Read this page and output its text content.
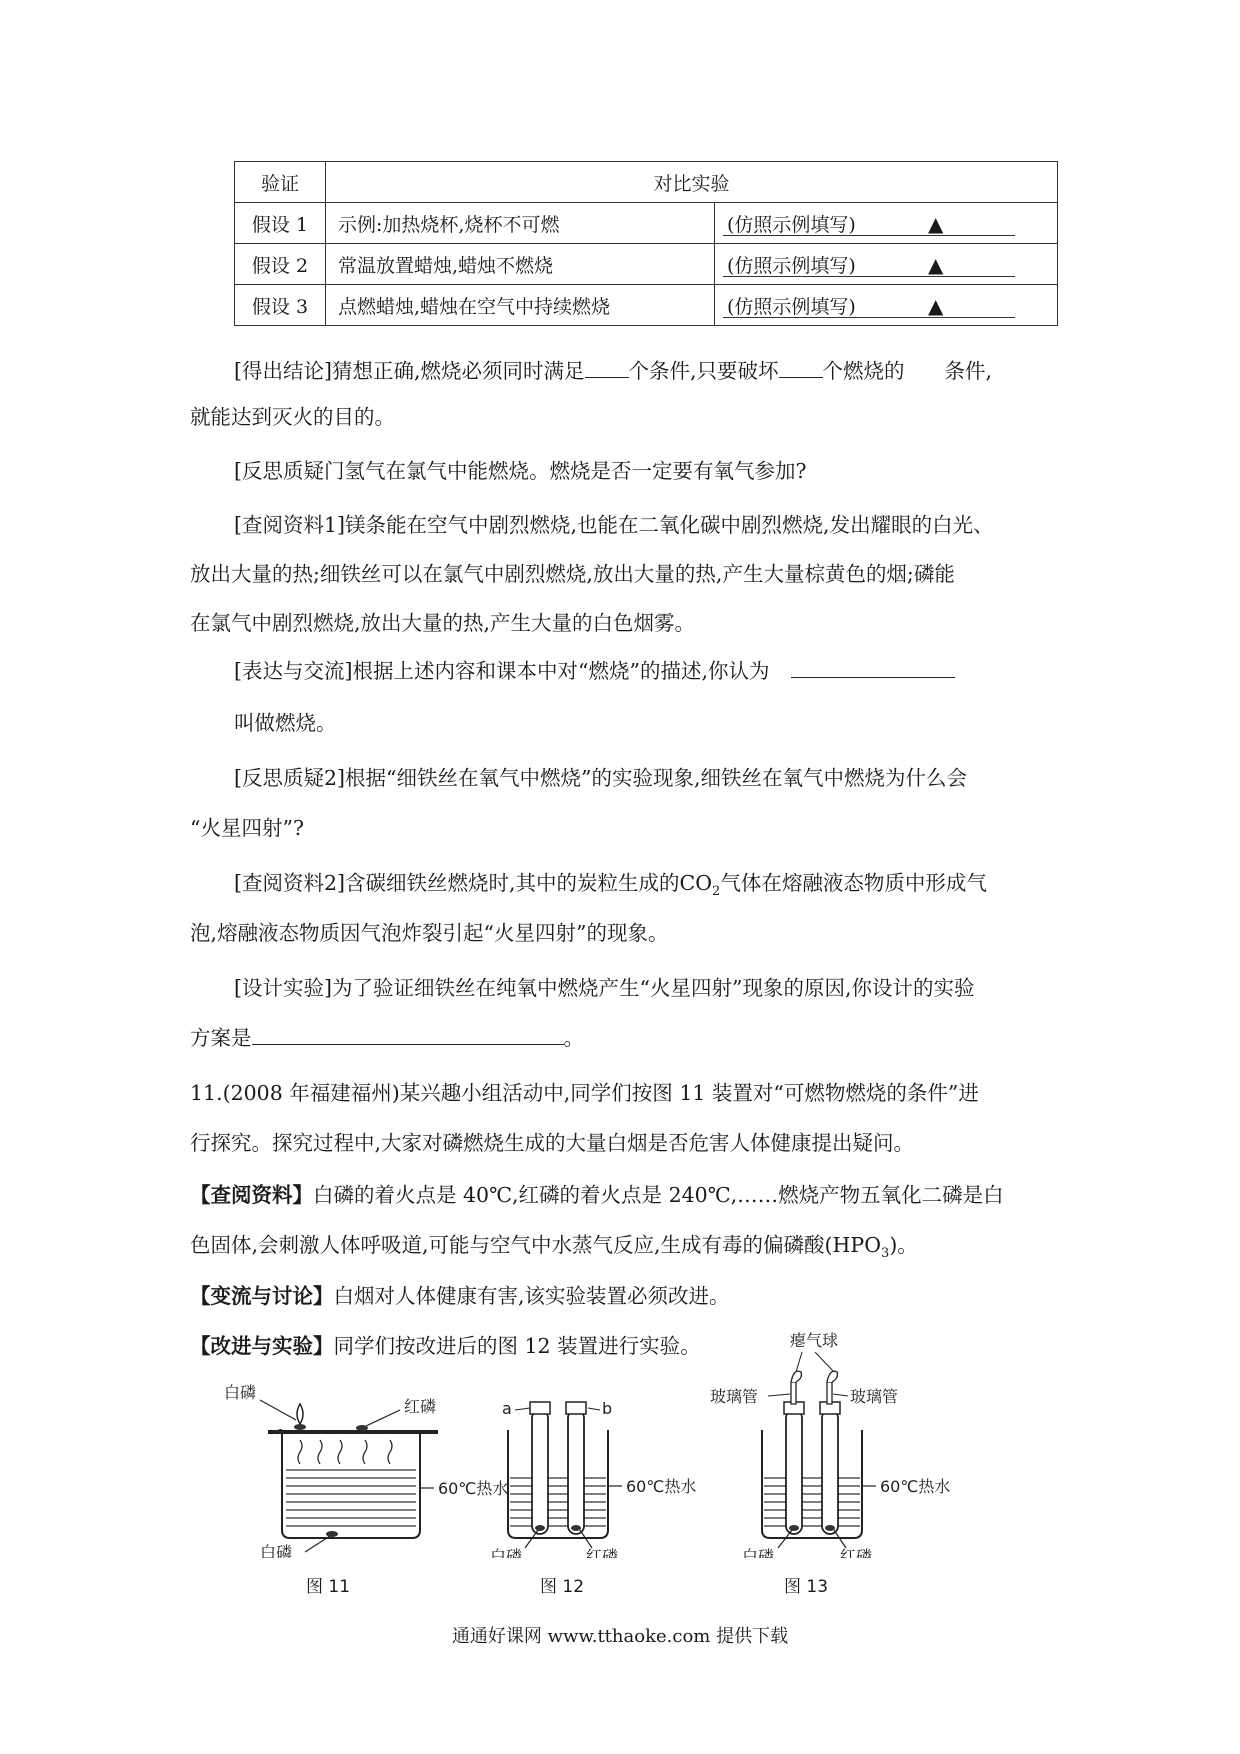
验证	对比实验	
假设 1	示例:加热烧杯,烧杯不可燃	(仿照示例填写) ▲

假设 2	常温放置蜡烛,蜡烛不燃烧	(仿照示例填写) ▲

假设 3	点燃蜡烛,蜡烛在空气中持续燃烧	(仿照示例填写) ▲
[得出结论]猜想正确,燃烧必须同时满足 个条件,只要破坏 个燃烧的 条件,
就能达到灭火的目的。
[反思质疑门氢气在氯气中能燃烧。燃烧是否一定要有氧气参加?
[查阅资料1]镁条能在空气中剧烈燃烧,也能在二氧化碳中剧烈燃烧,发出耀眼的白光、
放出大量的热;细铁丝可以在氯气中剧烈燃烧,放出大量的热,产生大量棕黄色的烟;磷能
在氯气中剧烈燃烧,放出大量的热,产生大量的白色烟雾。
[表达与交流]根据上述内容和课本中对“燃烧”的描述,你认为
叫做燃烧。
[反思质疑2]根据“细铁丝在氧气中燃烧”的实验现象,细铁丝在氧气中燃烧为什么会
“火星四射”?
[查阅资料2]含碳细铁丝燃烧时,其中的炭粒生成的$CO_2$气体在熔融液态物质中形成气
泡,熔融液态物质因气泡炸裂引起“火星四射”的现象。
[设计实验]为了验证细铁丝在纯氧中燃烧产生“火星四射”现象的原因,你设计的实验
方案是	。
11.(2008 年福建福州)某兴趣小组活动中,同学们按图 11 装置对“可燃物燃烧的条件”进
行探究。探究过程中,大家对磷燃烧生成的大量白烟是否危害人体健康提出疑问。
【查阅资料】白磷的着火点是 40℃,红磷的着火点是 240℃,……燃烧产物五氧化二磷是白
色固体,会刺激人体呼吸道,可能与空气中水蒸气反应,生成有毒的偏磷酸$(HPO_3)$。
【变流与讨论】白烟对人体健康有害,该实验装置必须改进。
【改进与实验】同学们按改进后的图 12 装置进行实验。
白磷
红磷
60℃热水
白磷
a	b
60℃热水
白磷	红磷
瘪气球
玻璃管	玻璃管
60℃热水
白磷	红磷
图 11	图 12	图 13
通通好课网 www.tthaoke.com 提供下载
